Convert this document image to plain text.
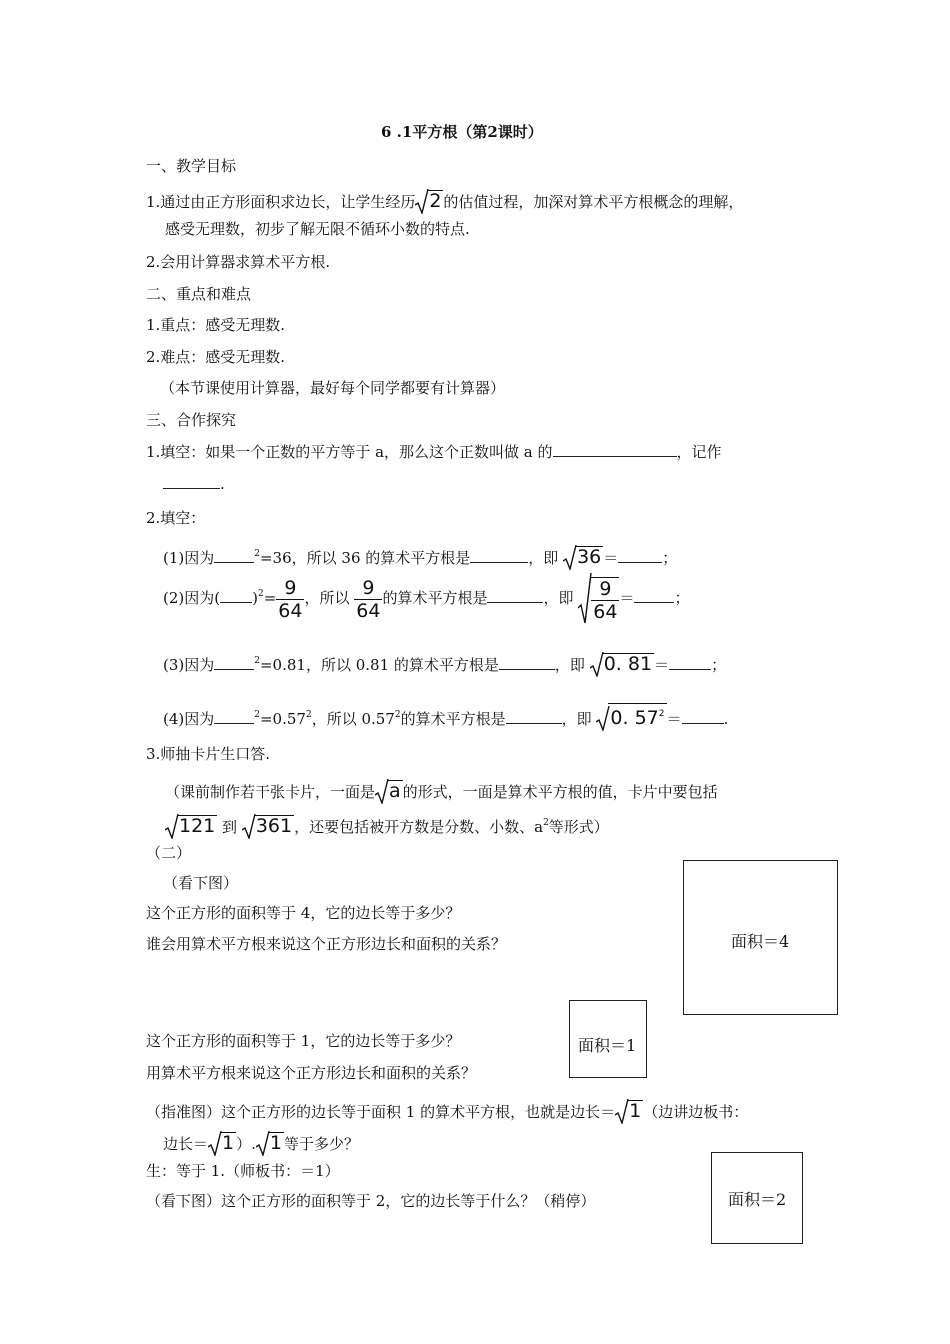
6 .1平方根（第2课时）
一、教学目标
1.通过由正方形面积求边长，让学生经历 2 的估值过程，加深对算术平方根概念的理解，
感受无理数，初步了解无限不循环小数的特点.
2.会用计算器求算术平方根.
二、重点和难点
1.重点：感受无理数.
2.难点：感受无理数.
（本节课使用计算器，最好每个同学都要有计算器）
三、合作探究
1.填空：如果一个正数的平方等于 a，那么这个正数叫做 a 的	，记作
.
2.填空：
(1)因为	$^2$=36，所以 36 的算术平方根是	，即 36 ＝	；
(2)因为( )$^2= \frac{9}{64}$ ，所以 $\frac{9}{64}$ 的算术平方根是	，即 $\frac{9}{64}$ ＝	；
(3)因为	$^2$=0.81，所以 0.81 的算术平方根是	，即 0. 81 ＝	；
(4)因为	$^2=0.57^2$，所以 0.57$^2$的算术平方根是	，即 0. $57^2$ ＝	.
3.师抽卡片生口答.
（课前制作若干张卡片，一面是 a 的形式，一面是算术平方根的值，卡片中要包括
121 到 361 ，还要包括被开方数是分数、小数、$a^2$等形式）
（二）
（看下图）
这个正方形的面积等于 4，它的边长等于多少？
谁会用算术平方根来说这个正方形边长和面积的关系？
这个正方形的面积等于 1，它的边长等于多少？
用算术平方根来说这个正方形边长和面积的关系？
（指准图）这个正方形的边长等于面积 1 的算术平方根，也就是边长＝ 1 （边讲边板书：
边长＝ 1 ）. 1 等于多少？
生：等于 1.（师板书：＝1）
（看下图）这个正方形的面积等于 2，它的边长等于什么？（稍停）
面积＝4
面积＝1
面积＝2
